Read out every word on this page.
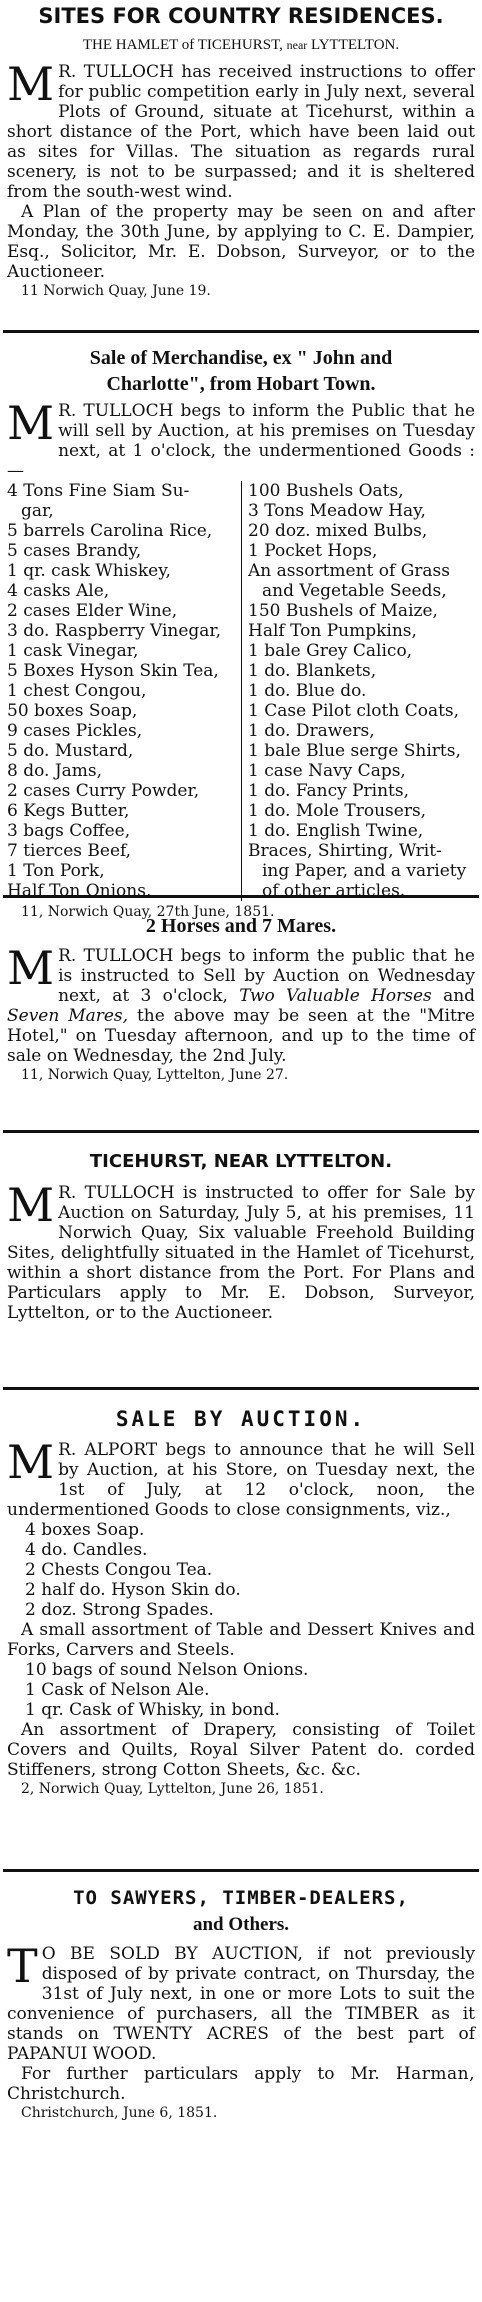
SITES FOR COUNTRY RESIDENCES.
THE HAMLET of TICEHURST, near LYTTELTON.

M R. TULLOCH has received instructions to offer for public competition early in July next, several Plots of Ground, situate at Ticehurst, within a short distance of the Port, which have been laid out as sites for Villas. The situation as regards rural scenery, is not to be surpassed; and it is sheltered from the south-west wind.

A Plan of the property may be seen on and after Monday, the 30th June, by applying to C. E. Dampier, Esq., Solicitor, Mr. E. Dobson, Surveyor, or to the Auctioneer.

11 Norwich Quay, June 19.
Sale of Merchandise, ex " John and
Charlotte", from Hobart Town.

M R. TULLOCH begs to inform the Public that he will sell by Auction, at his premises on Tuesday next, at 1 o'clock, the undermentioned Goods :—

4 Tons Fine Siam Su-
gar,
5 barrels Carolina Rice,
5 cases Brandy,
1 qr. cask Whiskey,
4 casks Ale,
2 cases Elder Wine,
3 do. Raspberry Vinegar,
1 cask Vinegar,
5 Boxes Hyson Skin Tea,
1 chest Congou,
50 boxes Soap,
9 cases Pickles,
5 do. Mustard,
8 do. Jams,
2 cases Curry Powder,
6 Kegs Butter,
3 bags Coffee,
7 tierces Beef,
1 Ton Pork,
Half Ton Onions,
100 Bushels Oats,
3 Tons Meadow Hay,
20 doz. mixed Bulbs,
1 Pocket Hops,
An assortment of Grass
and Vegetable Seeds,
150 Bushels of Maize,
Half Ton Pumpkins,
1 bale Grey Calico,
1 do. Blankets,
1 do. Blue do.
1 Case Pilot cloth Coats,
1 do. Drawers,
1 bale Blue serge Shirts,
1 case Navy Caps,
1 do. Fancy Prints,
1 do. Mole Trousers,
1 do. English Twine,
Braces, Shirting, Writ-
ing Paper, and a variety
of other articles.
11, Norwich Quay, 27th June, 1851.
2 Horses and 7 Mares.

M R. TULLOCH begs to inform the public that he is instructed to Sell by Auction on Wednesday next, at 3 o'clock, Two Valuable Horses and Seven Mares, the above may be seen at the "Mitre Hotel," on Tuesday afternoon, and up to the time of sale on Wednesday, the 2nd July.

11, Norwich Quay, Lyttelton, June 27.
TICEHURST, NEAR LYTTELTON.

M R. TULLOCH is instructed to offer for Sale by Auction on Saturday, July 5, at his premises, 11 Norwich Quay, Six valuable Freehold Building Sites, delightfully situated in the Hamlet of Ticehurst, within a short distance from the Port. For Plans and Particulars apply to Mr. E. Dobson, Surveyor, Lyttelton, or to the Auctioneer.

SALE BY AUCTION.

M R. ALPORT begs to announce that he will Sell by Auction, at his Store, on Tuesday next, the 1st of July, at 12 o'clock, noon, the undermentioned Goods to close consignments, viz.,

4 boxes Soap.
4 do. Candles.
2 Chests Congou Tea.
2 half do. Hyson Skin do.
2 doz. Strong Spades.

A small assortment of Table and Dessert Knives and Forks, Carvers and Steels.

10 bags of sound Nelson Onions.
1 Cask of Nelson Ale.
1 qr. Cask of Whisky, in bond.

An assortment of Drapery, consisting of Toilet Covers and Quilts, Royal Silver Patent do. corded Stiffeners, strong Cotton Sheets, &c. &c.

2, Norwich Quay, Lyttelton, June 26, 1851.
TO SAWYERS, TIMBER-DEALERS,
and Others.

T O BE SOLD BY AUCTION, if not previously disposed of by private contract, on Thursday, the 31st of July next, in one or more Lots to suit the convenience of purchasers, all the TIMBER as it stands on TWENTY ACRES of the best part of PAPANUI WOOD.

For further particulars apply to Mr. Harman, Christchurch.

Christchurch, June 6, 1851.
